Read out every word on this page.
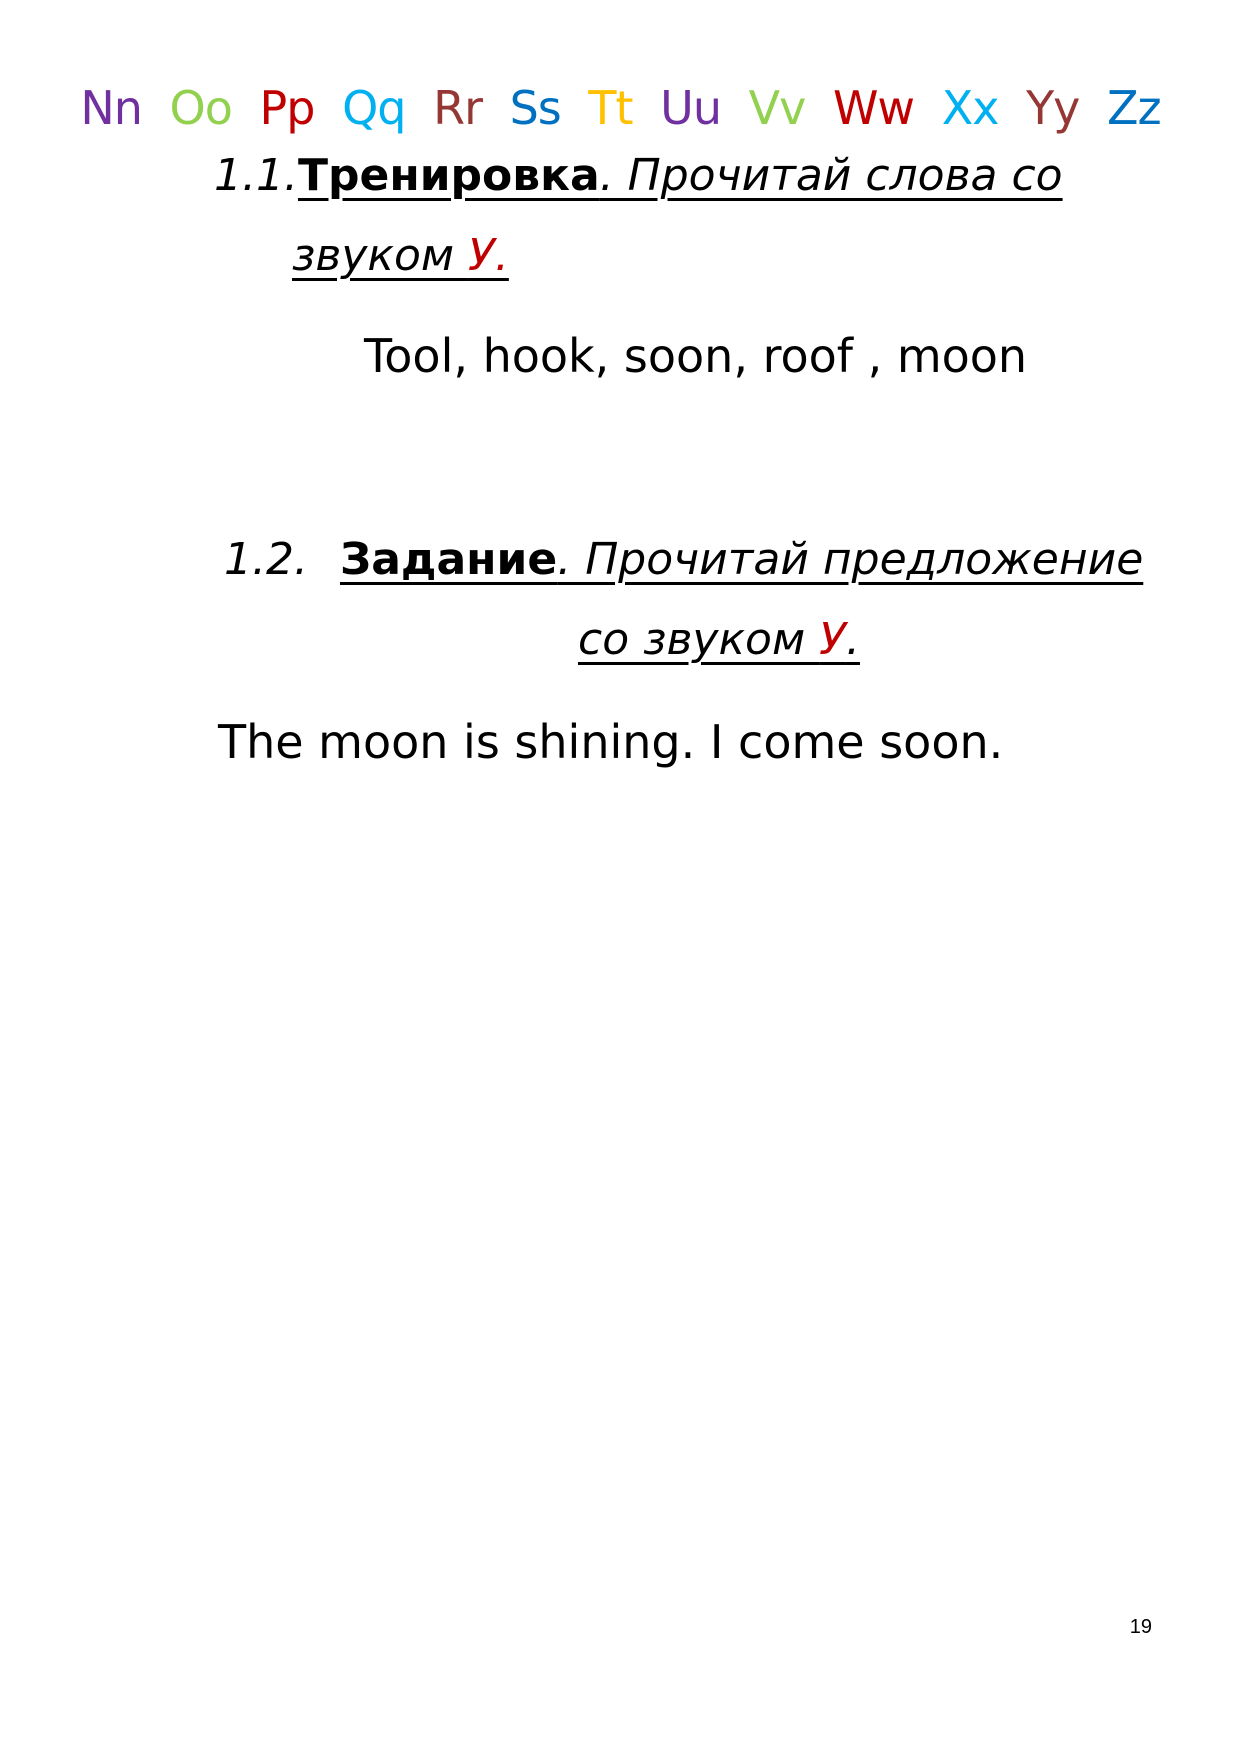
Nn Oo Pp Qq Rr Ss Tt Uu Vv Ww Xx Yy Zz
1.1.Тренировка. Прочитай слова со
звуком У.
Tool, hook, soon, roof , moon
1.2. Задание. Прочитай предложение
со звуком У.
The moon is shining. I come soon.
19
